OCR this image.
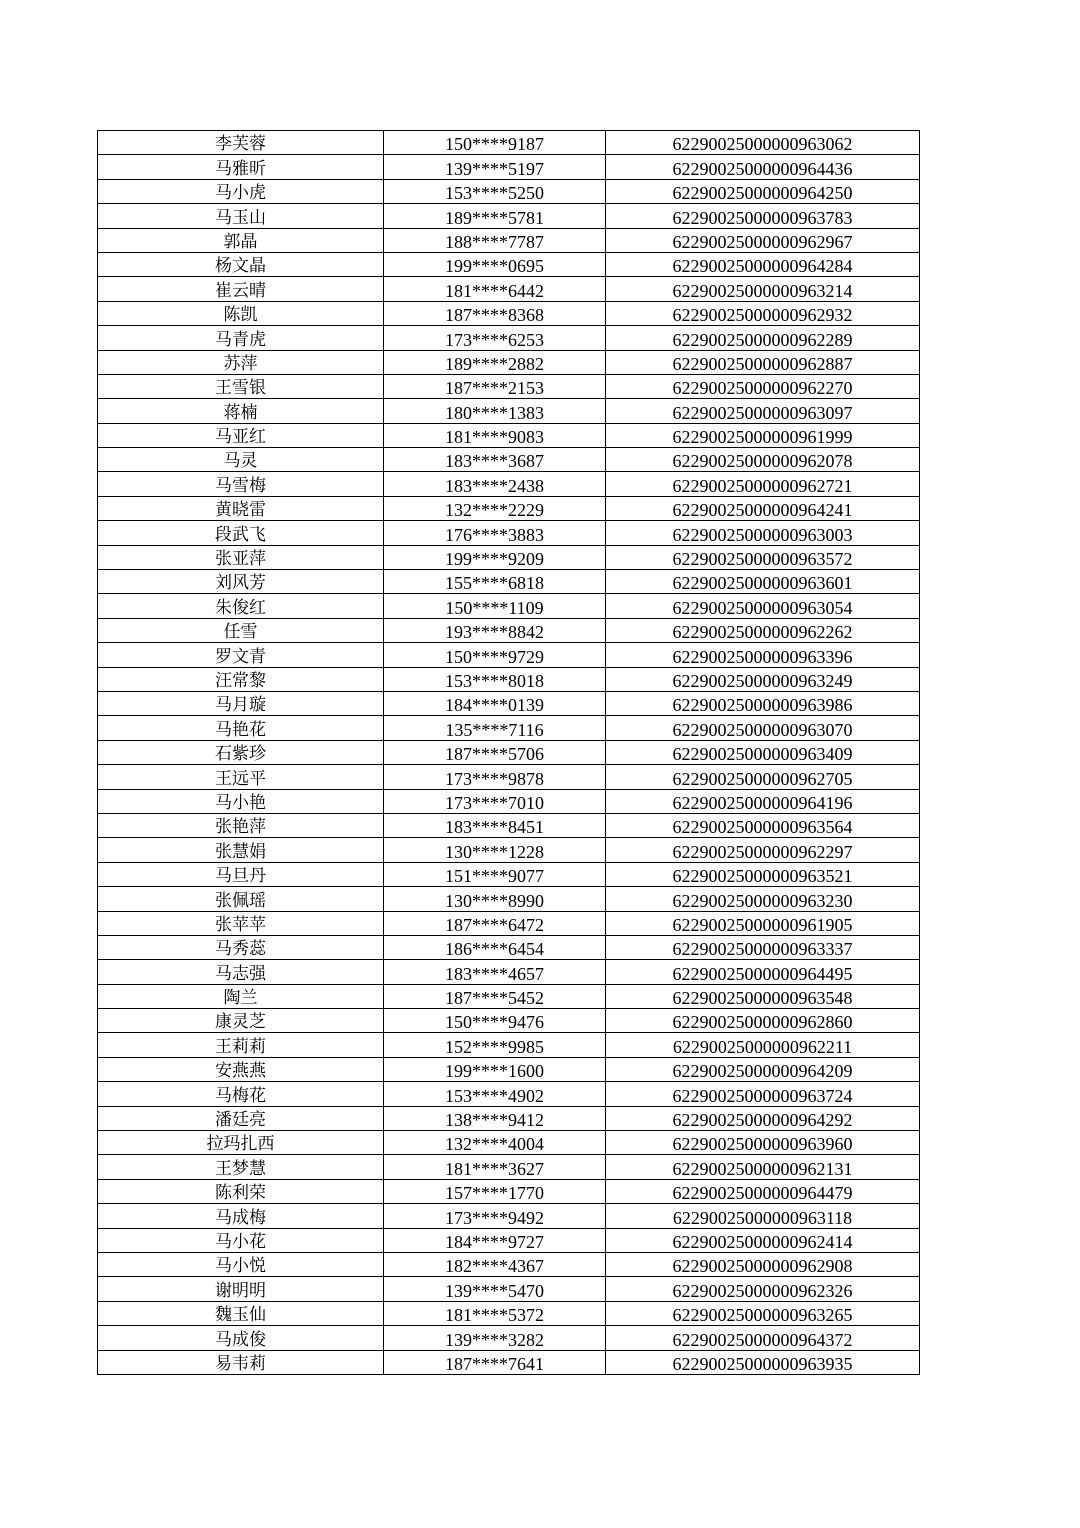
李芙蓉	150****9187	62290025000000963062
马雅昕	139****5197	62290025000000964436
马小虎	153****5250	62290025000000964250
马玉山	189****5781	62290025000000963783
郭晶	188****7787	62290025000000962967
杨文晶	199****0695	62290025000000964284
崔云晴	181****6442	62290025000000963214
陈凯	187****8368	62290025000000962932
马青虎	173****6253	62290025000000962289
苏萍	189****2882	62290025000000962887
王雪银	187****2153	62290025000000962270
蒋楠	180****1383	62290025000000963097
马亚红	181****9083	62290025000000961999
马灵	183****3687	62290025000000962078
马雪梅	183****2438	62290025000000962721
黄晓雷	132****2229	62290025000000964241
段武飞	176****3883	62290025000000963003
张亚萍	199****9209	62290025000000963572
刘风芳	155****6818	62290025000000963601
朱俊红	150****1109	62290025000000963054
任雪	193****8842	62290025000000962262
罗文青	150****9729	62290025000000963396
汪常黎	153****8018	62290025000000963249
马月璇	184****0139	62290025000000963986
马艳花	135****7116	62290025000000963070
石紫珍	187****5706	62290025000000963409
王远平	173****9878	62290025000000962705
马小艳	173****7010	62290025000000964196
张艳萍	183****8451	62290025000000963564
张慧娟	130****1228	62290025000000962297
马旦丹	151****9077	62290025000000963521
张佩瑶	130****8990	62290025000000963230
张苹苹	187****6472	62290025000000961905
马秀蕊	186****6454	62290025000000963337
马志强	183****4657	62290025000000964495
陶兰	187****5452	62290025000000963548
康灵芝	150****9476	62290025000000962860
王莉莉	152****9985	62290025000000962211
安燕燕	199****1600	62290025000000964209
马梅花	153****4902	62290025000000963724
潘廷亮	138****9412	62290025000000964292
拉玛扎西	132****4004	62290025000000963960
王梦慧	181****3627	62290025000000962131
陈利荣	157****1770	62290025000000964479
马成梅	173****9492	62290025000000963118
马小花	184****9727	62290025000000962414
马小悦	182****4367	62290025000000962908
谢明明	139****5470	62290025000000962326
魏玉仙	181****5372	62290025000000963265
马成俊	139****3282	62290025000000964372
易韦莉	187****7641	62290025000000963935
